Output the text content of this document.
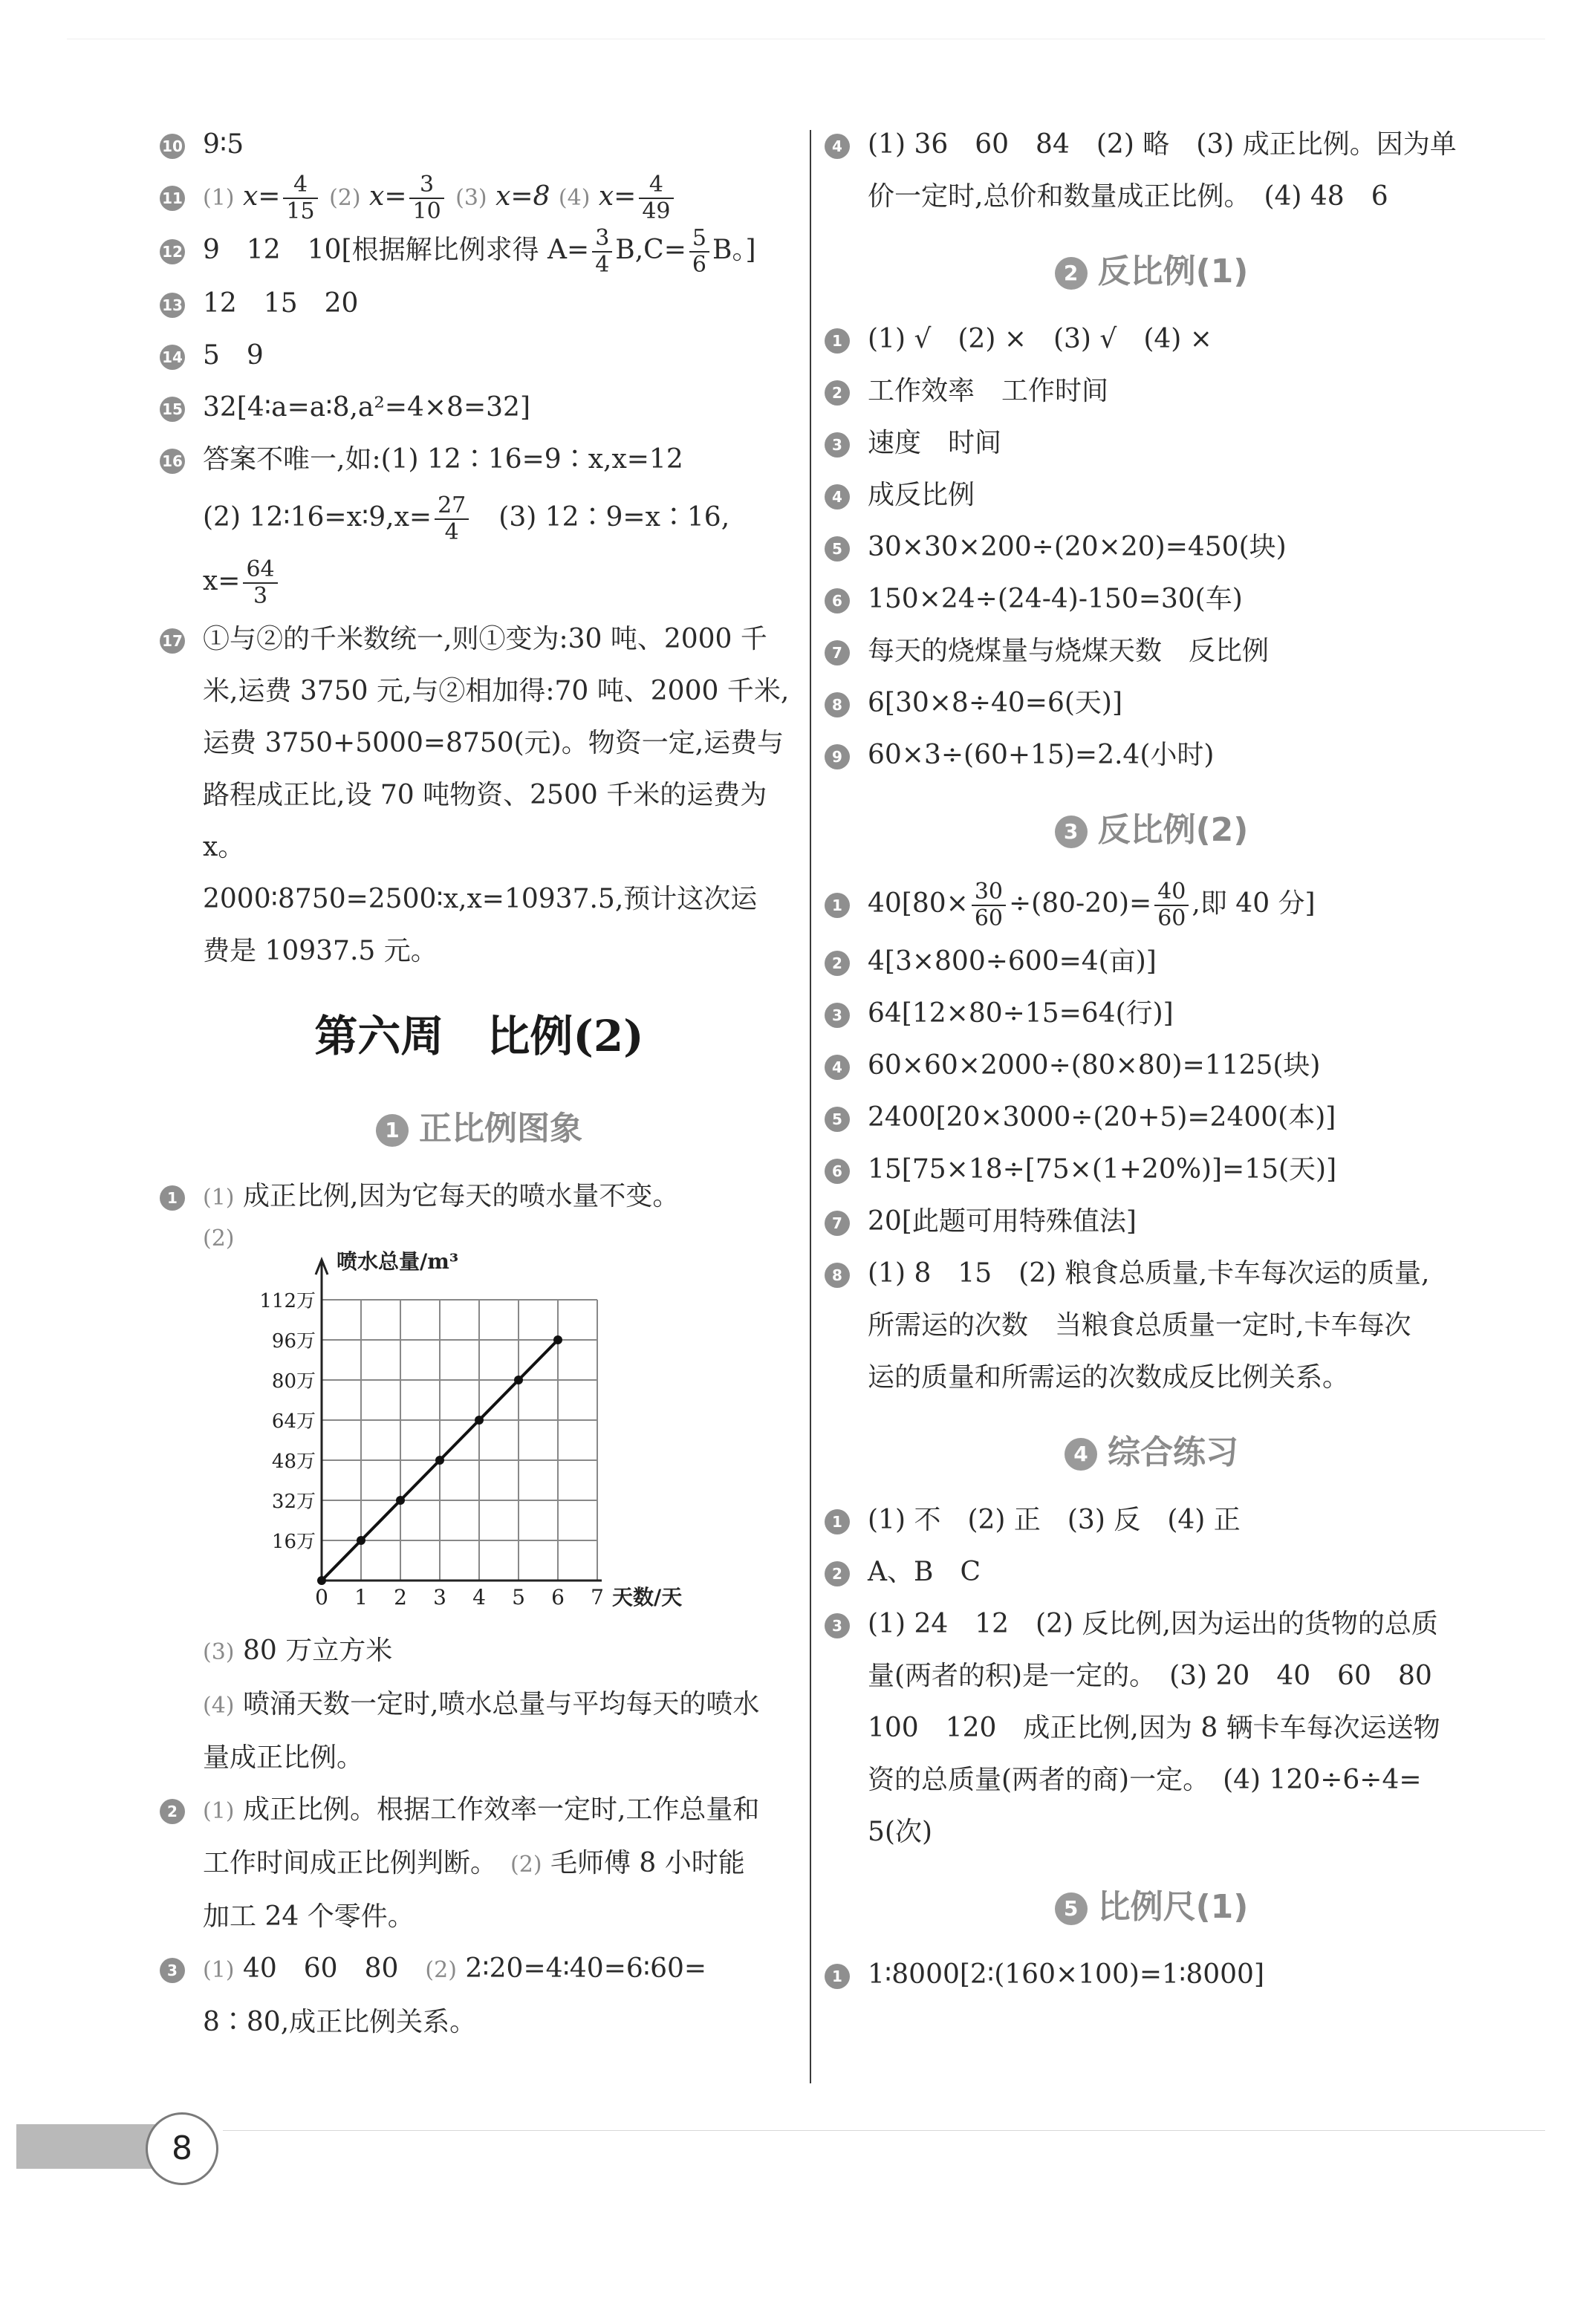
10 9∶5
11 (1) $x= \frac{4}{15} (2)$ $x= \frac{3}{10} (3)$ x=8 (4) $x= \frac{4}{49}$
12 9　12　10[根据解比例求得 $A= \frac{3}{4} B,C= \frac{5}{6}$ B。]
13 12　15　20
14 5　9
15 32[4∶a=a∶8,a²=4×8=32]
16 答案不唯一,如:(1) 12∶16=9∶x,x=12
(2) 12∶16=x∶9,x= $\frac{27}{4}$
　 (3) 12∶9=x∶16,
$x= \frac{64}{3}$
17 ①与②的千米数统一,则①变为:30 吨、2000 千
米,运费 3750 元,与②相加得:70 吨、2000 千米,
运费 3750+5000=8750(元)。物资一定,运费与
路程成正比,设 70 吨物资、2500 千米的运费为 x。
2000∶8750=2500∶x,x=10937.5,预计这次运
费是 10937.5 元。
第六周　比例(2)
1 正比例图象
1	(1) 成正比例,因为它每天的喷水量不变。
(2)
喷水总量/m³
天数/天
0 1 2 3 4 5 6 7
16万
32万
48万
64万
80万
96万
112万
(3) 80 万立方米
(4) 喷涌天数一定时,喷水总量与平均每天的喷水
量成正比例。
2	(1) 成正比例。根据工作效率一定时,工作总量和
工作时间成正比例判断。　 (2) 毛师傅 8 小时能
加工 24 个零件。
3	(1) 40　60　80　 (2) 2∶20=4∶40=6∶60=
8∶80,成正比例关系。
4 (1) 36　60　84　(2) 略　(3) 成正比例。因为单
价一定时,总价和数量成正比例。　(4) 48　6
2 反比例(1)
1 (1) √　(2) ×　(3) √　(4) ×
2 工作效率　工作时间
3 速度　时间
4 成反比例
5 30×30×200÷(20×20)=450(块)
6 150×24÷(24-4)-150=30(车)
7 每天的烧煤量与烧煤天数　反比例
8 6[30×8÷40=6(天)]
9 60×3÷(60+15)=2.4(小时)
3 反比例(2)
1 $40[80\times \frac{30}{60} \div(80-20)= \frac{40}{60}$ ,即 40 分]
2 4[3×800÷600=4(亩)]
3 64[12×80÷15=64(行)]
4 60×60×2000÷(80×80)=1125(块)
5 2400[20×3000÷(20+5)=2400(本)]
6 15[75×18÷[75×(1+20%)]=15(天)]
7 20[此题可用特殊值法]
8 (1) 8　15　(2) 粮食总质量,卡车每次运的质量,
所需运的次数　当粮食总质量一定时,卡车每次
运的质量和所需运的次数成反比例关系。
4 综合练习
1 (1) 不　(2) 正　(3) 反　(4) 正
2 A、B　C
3 (1) 24　12　(2) 反比例,因为运出的货物的总质
量(两者的积)是一定的。　(3) 20　40　60　80
100　120　成正比例,因为 8 辆卡车每次运送物
资的总质量(两者的商)一定。　(4) 120÷6÷4=
5(次)
5 比例尺(1)
1 1∶8000[2∶(160×100)=1∶8000]
8
